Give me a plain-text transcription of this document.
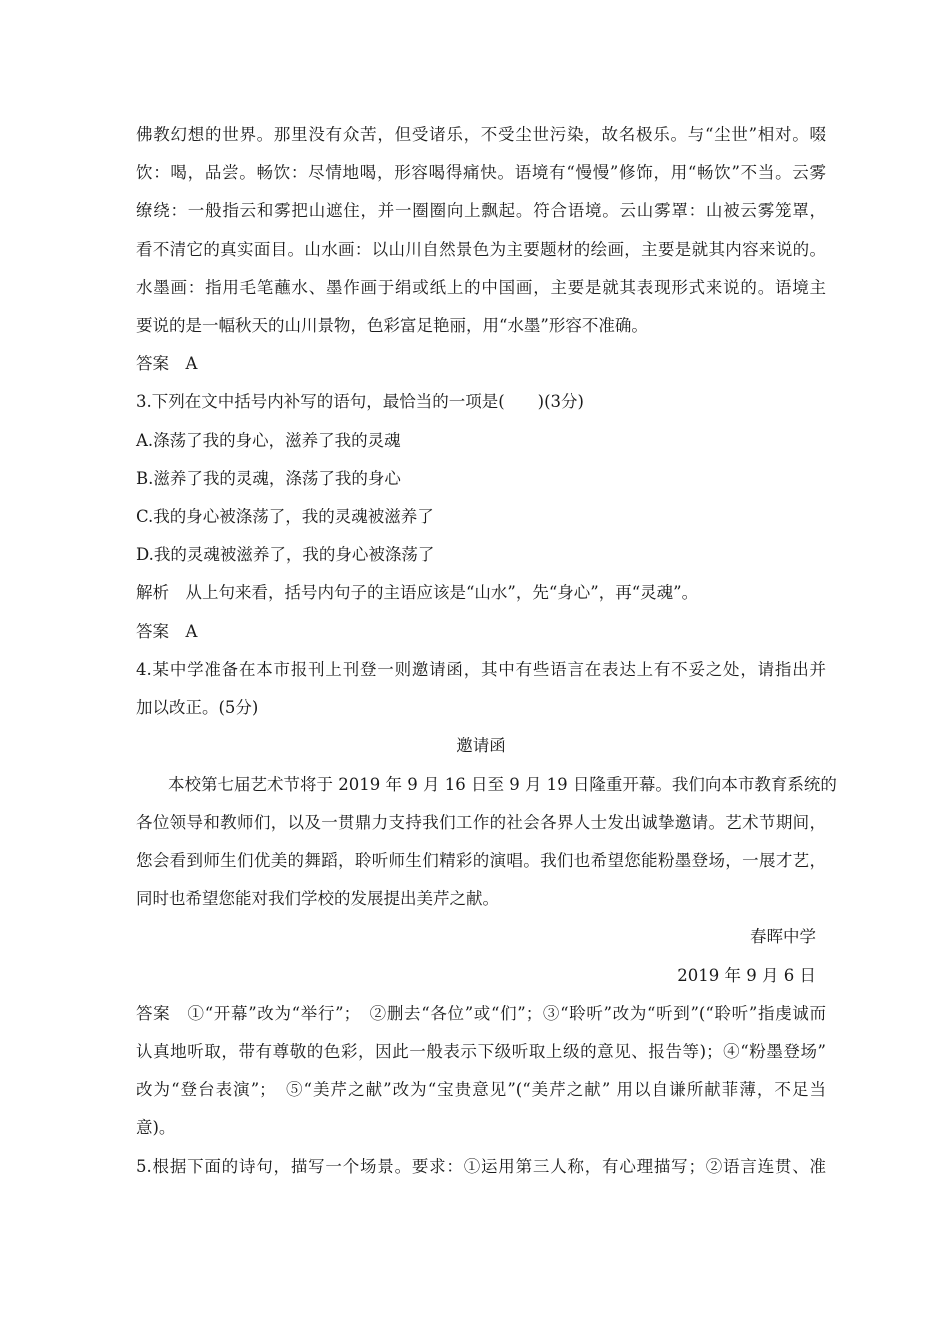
佛教幻想的世界。那里没有众苦，但受诸乐，不受尘世污染，故名极乐。与“尘世”相对。啜
饮：喝，品尝。畅饮：尽情地喝，形容喝得痛快。语境有“慢慢”修饰，用“畅饮”不当。云雾
缭绕：一般指云和雾把山遮住，并一圈圈向上飘起。符合语境。云山雾罩：山被云雾笼罩，
看不清它的真实面目。山水画：以山川自然景色为主要题材的绘画，主要是就其内容来说的。
水墨画：指用毛笔蘸水、墨作画于绢或纸上的中国画，主要是就其表现形式来说的。语境主
要说的是一幅秋天的山川景物，色彩富足艳丽，用“水墨”形容不准确。
答案　A
3.下列在文中括号内补写的语句，最恰当的一项是(　　)(3分)
A.涤荡了我的身心，滋养了我的灵魂
B.滋养了我的灵魂，涤荡了我的身心
C.我的身心被涤荡了，我的灵魂被滋养了
D.我的灵魂被滋养了，我的身心被涤荡了
解析　从上句来看，括号内句子的主语应该是“山水”，先“身心”，再“灵魂”。
答案　A
4.某中学准备在本市报刊上刊登一则邀请函，其中有些语言在表达上有不妥之处，请指出并
加以改正。(5分)
邀请函
本校第七届艺术节将于 2019 年 9 月 16 日至 9 月 19 日隆重开幕。我们向本市教育系统的
各位领导和教师们，以及一贯鼎力支持我们工作的社会各界人士发出诚挚邀请。艺术节期间，
您会看到师生们优美的舞蹈，聆听师生们精彩的演唱。我们也希望您能粉墨登场，一展才艺，
同时也希望您能对我们学校的发展提出美芹之献。
春晖中学
2019 年 9 月 6 日
答案　①“开幕”改为“举行”；　②删去“各位”或“们”；③“聆听”改为“听到”(“聆听”指虔诚而
认真地听取，带有尊敬的色彩，因此一般表示下级听取上级的意见、报告等)；④“粉墨登场”
改为“登台表演”；　⑤“美芹之献”改为“宝贵意见”(“美芹之献” 用以自谦所献菲薄，不足当
意)。
5.根据下面的诗句，描写一个场景。要求：①运用第三人称，有心理描写；②语言连贯、准
